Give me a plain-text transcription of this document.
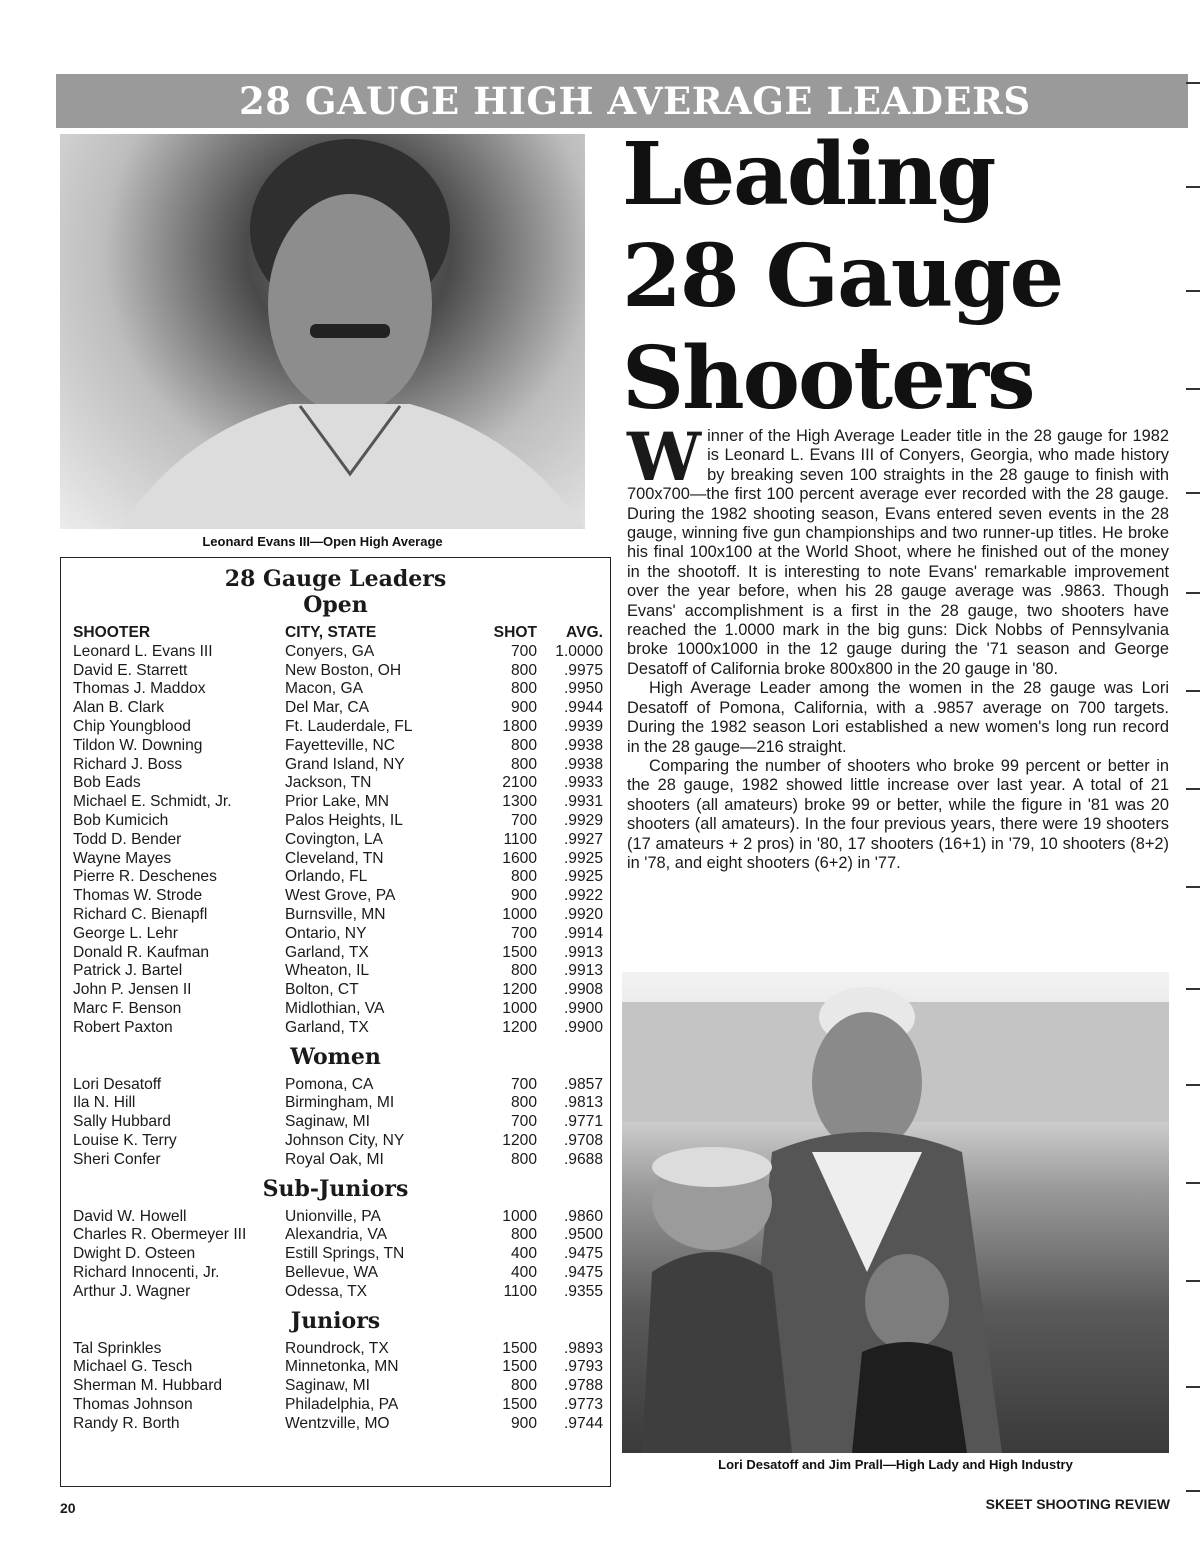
28 GAUGE HIGH AVERAGE LEADERS
Leonard Evans III—Open High Average
Leading
28 Gauge
Shooters

Winner of the High Average Leader title in the 28 gauge for 1982 is Leonard L. Evans III of Conyers, Georgia, who made history by breaking seven 100 straights in the 28 gauge to finish with 700x700—the first 100 percent average ever recorded with the 28 gauge. During the 1982 shooting season, Evans entered seven events in the 28 gauge, winning five gun championships and two runner-up titles. He broke his final 100x100 at the World Shoot, where he finished out of the money in the shootoff. It is interesting to note Evans' remarkable improvement over the year before, when his 28 gauge average was .9863. Though Evans' accomplishment is a first in the 28 gauge, two shooters have reached the 1.0000 mark in the big guns: Dick Nobbs of Pennsylvania broke 1000x1000 in the 12 gauge during the '71 season and George Desatoff of California broke 800x800 in the 20 gauge in '80.

High Average Leader among the women in the 28 gauge was Lori Desatoff of Pomona, California, with a .9857 average on 700 targets. During the 1982 season Lori established a new women's long run record in the 28 gauge—216 straight.

Comparing the number of shooters who broke 99 percent or better in the 28 gauge, 1982 showed little increase over last year. A total of 21 shooters (all amateurs) broke 99 or better, while the figure in '81 was 20 shooters (all amateurs). In the four previous years, there were 19 shooters (17 amateurs + 2 pros) in '80, 17 shooters (16+1) in '79, 10 shooters (8+2) in '78, and eight shooters (6+2) in '77.

Lori Desatoff and Jim Prall—High Lady and High Industry
28 Gauge Leaders
Open
SHOOTER	CITY, STATE	SHOT	AVG.
Leonard L. Evans III	Conyers, GA	700	1.0000
David E. Starrett	New Boston, OH	800	.9975
Thomas J. Maddox	Macon, GA	800	.9950
Alan B. Clark	Del Mar, CA	900	.9944
Chip Youngblood	Ft. Lauderdale, FL	1800	.9939
Tildon W. Downing	Fayetteville, NC	800	.9938
Richard J. Boss	Grand Island, NY	800	.9938
Bob Eads	Jackson, TN	2100	.9933
Michael E. Schmidt, Jr.	Prior Lake, MN	1300	.9931
Bob Kumicich	Palos Heights, IL	700	.9929
Todd D. Bender	Covington, LA	1100	.9927
Wayne Mayes	Cleveland, TN	1600	.9925
Pierre R. Deschenes	Orlando, FL	800	.9925
Thomas W. Strode	West Grove, PA	900	.9922
Richard C. Bienapfl	Burnsville, MN	1000	.9920
George L. Lehr	Ontario, NY	700	.9914
Donald R. Kaufman	Garland, TX	1500	.9913
Patrick J. Bartel	Wheaton, IL	800	.9913
John P. Jensen II	Bolton, CT	1200	.9908
Marc F. Benson	Midlothian, VA	1000	.9900
Robert Paxton	Garland, TX	1200	.9900
Women
Lori Desatoff	Pomona, CA	700	.9857
Ila N. Hill	Birmingham, MI	800	.9813
Sally Hubbard	Saginaw, MI	700	.9771
Louise K. Terry	Johnson City, NY	1200	.9708
Sheri Confer	Royal Oak, MI	800	.9688
Sub-Juniors
David W. Howell	Unionville, PA	1000	.9860
Charles R. Obermeyer III	Alexandria, VA	800	.9500
Dwight D. Osteen	Estill Springs, TN	400	.9475
Richard Innocenti, Jr.	Bellevue, WA	400	.9475
Arthur J. Wagner	Odessa, TX	1100	.9355
Juniors
Tal Sprinkles	Roundrock, TX	1500	.9893
Michael G. Tesch	Minnetonka, MN	1500	.9793
Sherman M. Hubbard	Saginaw, MI	800	.9788
Thomas Johnson	Philadelphia, PA	1500	.9773
Randy R. Borth	Wentzville, MO	900	.9744
20	SKEET SHOOTING REVIEW
